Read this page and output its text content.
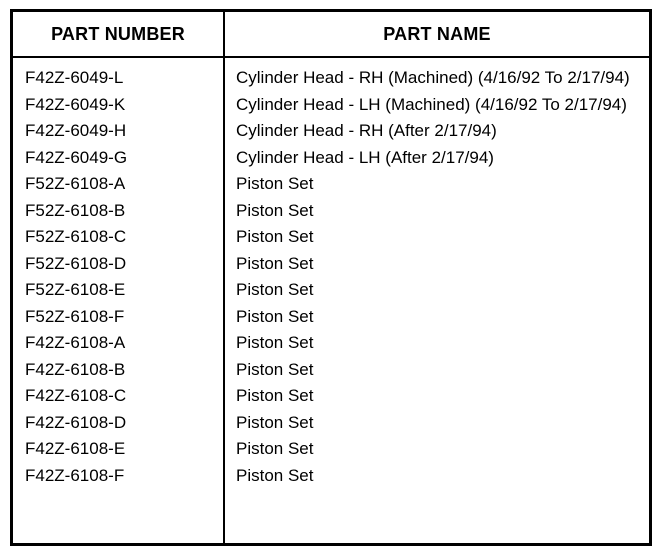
PART NUMBER	PART NAME
F42Z-6049-L	Cylinder Head - RH (Machined) (4/16/92 To 2/17/94)
F42Z-6049-K	Cylinder Head - LH (Machined) (4/16/92 To 2/17/94)
F42Z-6049-H	Cylinder Head - RH (After 2/17/94)
F42Z-6049-G	Cylinder Head - LH (After 2/17/94)
F52Z-6108-A	Piston Set
F52Z-6108-B	Piston Set
F52Z-6108-C	Piston Set
F52Z-6108-D	Piston Set
F52Z-6108-E	Piston Set
F52Z-6108-F	Piston Set
F42Z-6108-A	Piston Set
F42Z-6108-B	Piston Set
F42Z-6108-C	Piston Set
F42Z-6108-D	Piston Set
F42Z-6108-E	Piston Set
F42Z-6108-F	Piston Set
